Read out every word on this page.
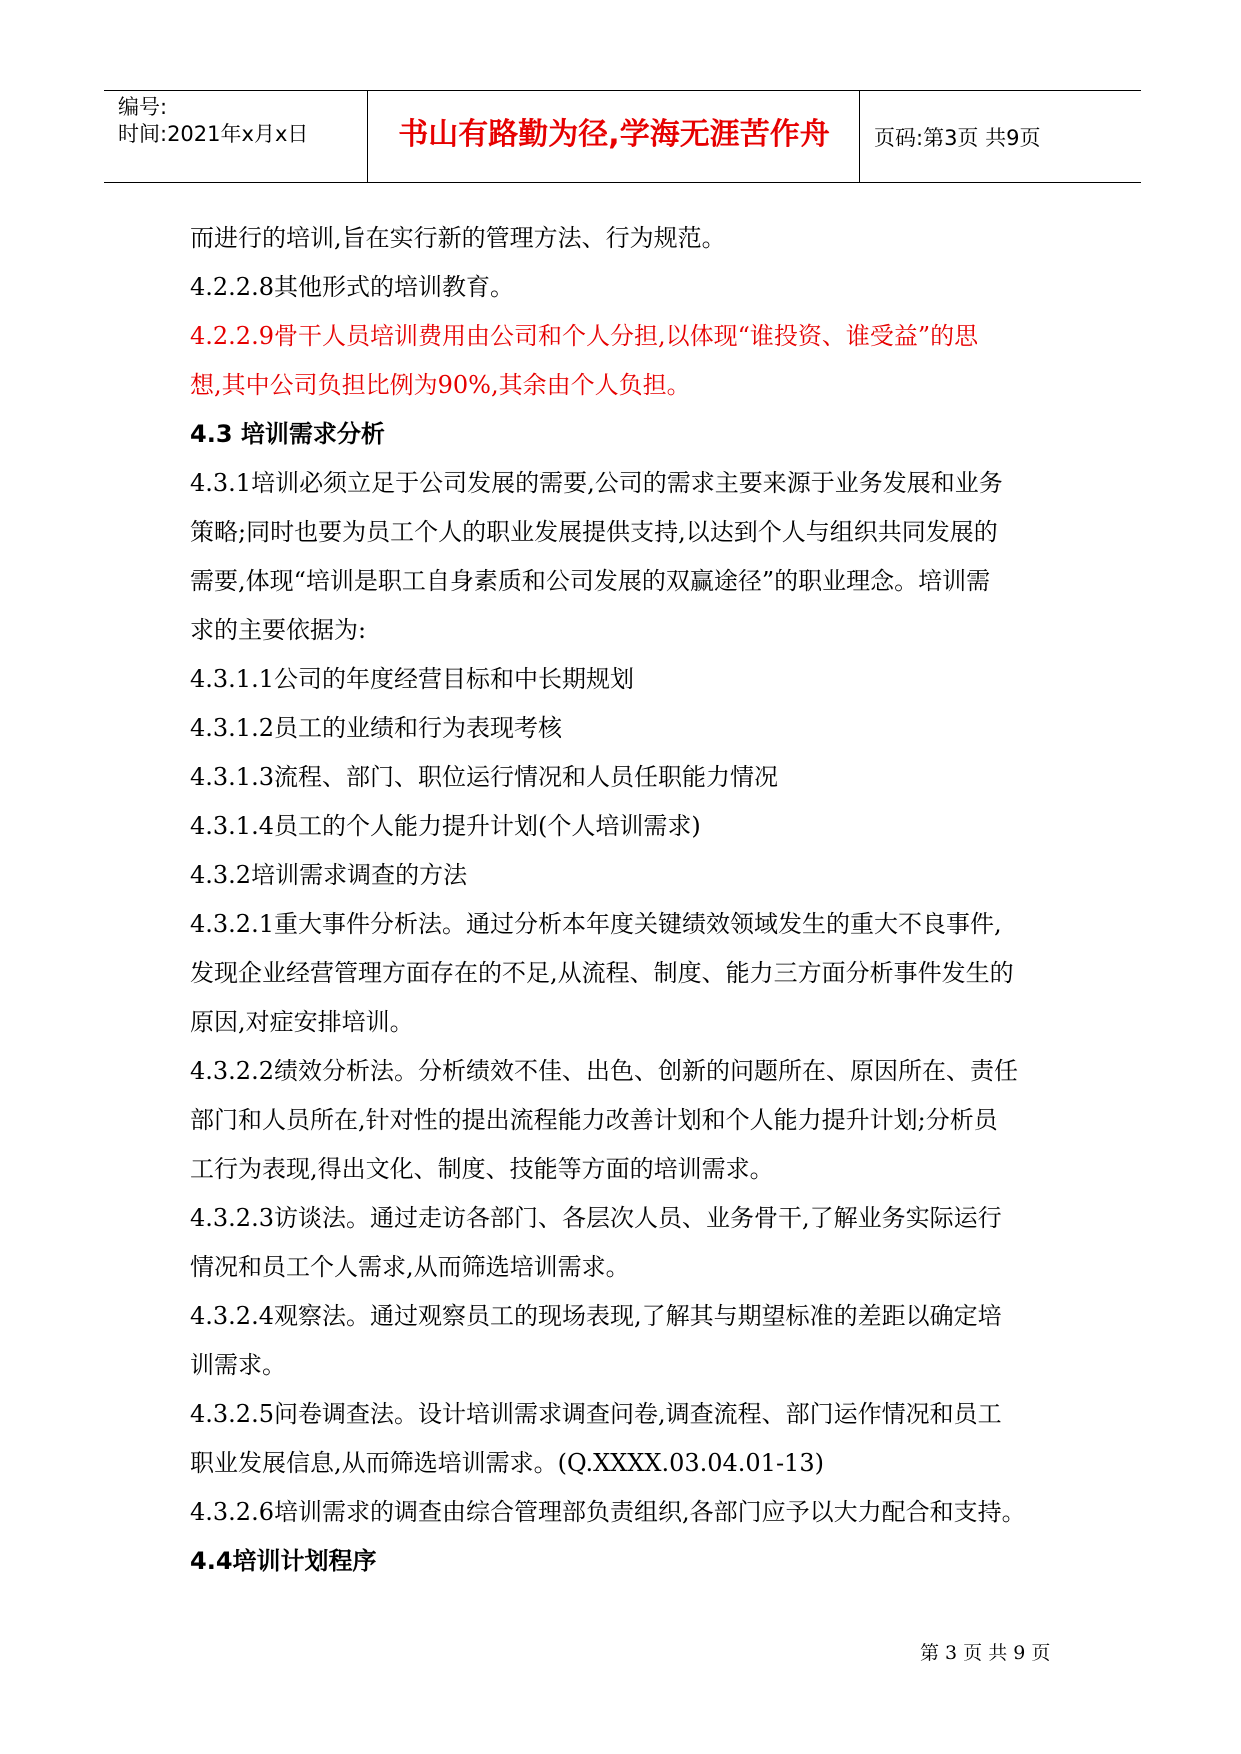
编号:
时间:2021年x月x日	书山有路勤为径,学海无涯苦作舟	页码:第3页 共9页

而进行的培训,旨在实行新的管理方法、行为规范。

4.2.2.8其他形式的培训教育。

4.2.2.9骨干人员培训费用由公司和个人分担,以体现“谁投资、谁受益”的思

想,其中公司负担比例为90%,其余由个人负担。

4.3 培训需求分析

4.3.1培训必须立足于公司发展的需要,公司的需求主要来源于业务发展和业务

策略;同时也要为员工个人的职业发展提供支持,以达到个人与组织共同发展的

需要,体现“培训是职工自身素质和公司发展的双赢途径”的职业理念。培训需

求的主要依据为:

4.3.1.1公司的年度经营目标和中长期规划

4.3.1.2员工的业绩和行为表现考核

4.3.1.3流程、部门、职位运行情况和人员任职能力情况

4.3.1.4员工的个人能力提升计划(个人培训需求)

4.3.2培训需求调查的方法

4.3.2.1重大事件分析法。通过分析本年度关键绩效领域发生的重大不良事件,

发现企业经营管理方面存在的不足,从流程、制度、能力三方面分析事件发生的

原因,对症安排培训。

4.3.2.2绩效分析法。分析绩效不佳、出色、创新的问题所在、原因所在、责任

部门和人员所在,针对性的提出流程能力改善计划和个人能力提升计划;分析员

工行为表现,得出文化、制度、技能等方面的培训需求。

4.3.2.3访谈法。通过走访各部门、各层次人员、业务骨干,了解业务实际运行

情况和员工个人需求,从而筛选培训需求。

4.3.2.4观察法。通过观察员工的现场表现,了解其与期望标准的差距以确定培

训需求。

4.3.2.5问卷调查法。设计培训需求调查问卷,调查流程、部门运作情况和员工

职业发展信息,从而筛选培训需求。(Q.XXXX.03.04.01-13)

4.3.2.6培训需求的调查由综合管理部负责组织,各部门应予以大力配合和支持。

4.4培训计划程序

第 3 页 共 9 页
